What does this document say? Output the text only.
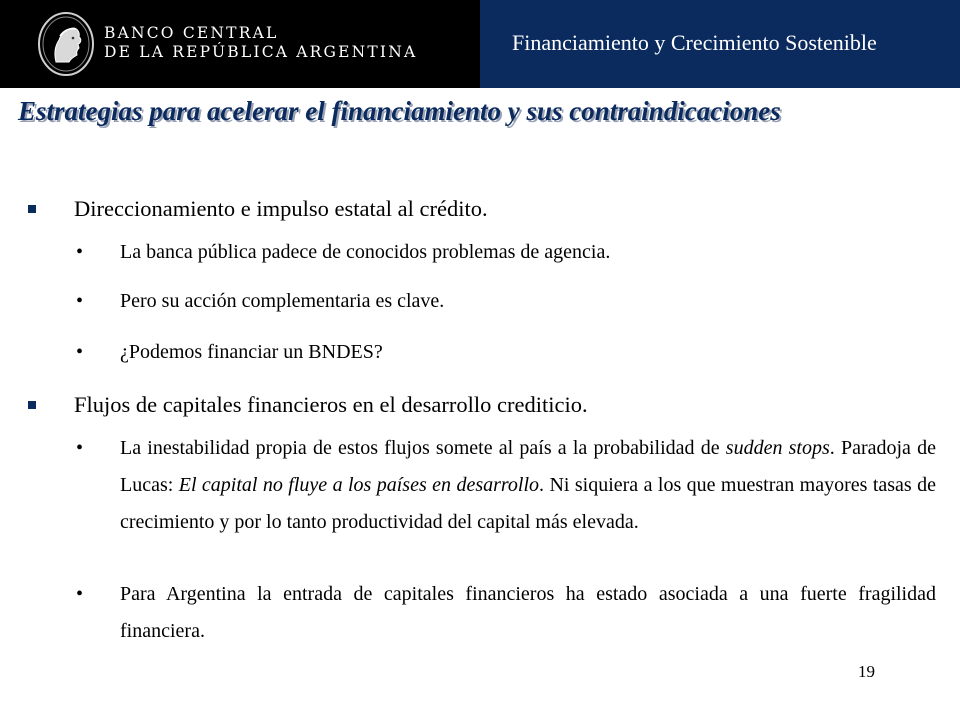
BANCO CENTRAL
DE LA REPÚBLICA ARGENTINA	Financiamiento y Crecimiento Sostenible
Estrategias para acelerar el financiamiento y sus contraindicaciones
Direccionamiento e impulso estatal al crédito.
• La banca pública padece de conocidos problemas de agencia.
• Pero su acción complementaria es clave.
• ¿Podemos financiar un BNDES?
Flujos de capitales financieros en el desarrollo crediticio.
• La inestabilidad propia de estos flujos somete al país a la probabilidad de sudden stops. Paradoja de Lucas: El capital no fluye a los países en desarrollo. Ni siquiera a los que muestran mayores tasas de crecimiento y por lo tanto productividad del capital más elevada.
• Para Argentina la entrada de capitales financieros ha estado asociada a una fuerte fragilidad financiera.
19
